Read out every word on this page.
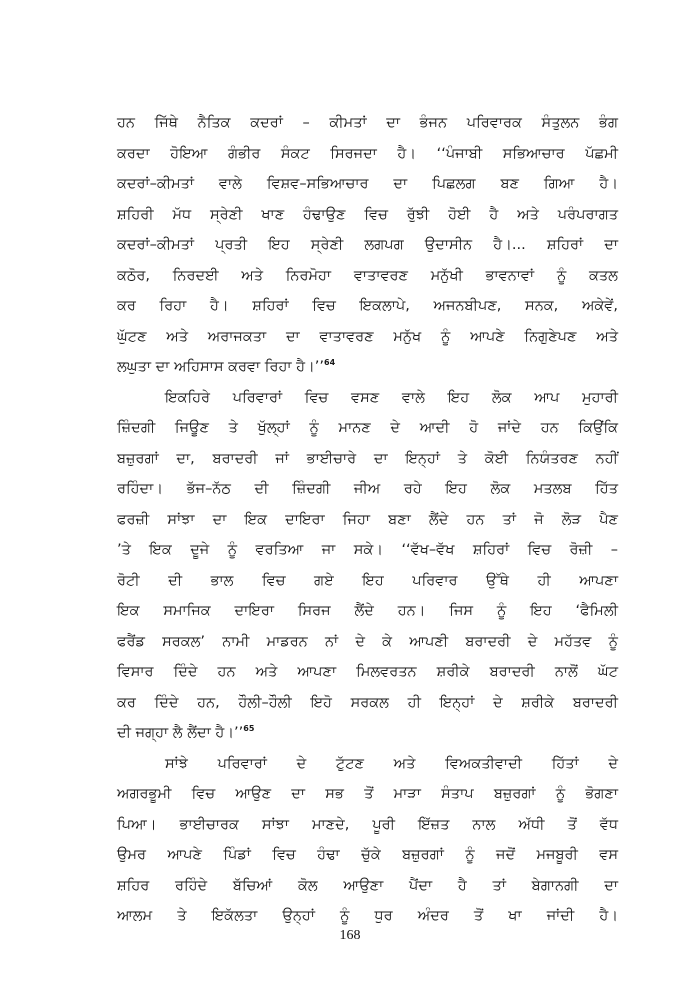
ਹਨ ਜਿੱਥੇ ਨੈਤਿਕ ਕਦਰਾਂ – ਕੀਮਤਾਂ ਦਾ ਭੰਜਨ ਪਰਿਵਾਰਕ ਸੰਤੁਲਨ ਭੰਗ
ਕਰਦਾ ਹੋਇਆ ਗੰਭੀਰ ਸੰਕਟ ਸਿਰਜਦਾ ਹੈ। ‘‘ਪੰਜਾਬੀ ਸਭਿਆਚਾਰ ਪੱਛਮੀ
ਕਦਰਾਂ–ਕੀਮਤਾਂ ਵਾਲੇ ਵਿਸ਼ਵ–ਸਭਿਆਚਾਰ ਦਾ ਪਿਛਲਗ ਬਣ ਗਿਆ ਹੈ।
ਸ਼ਹਿਰੀ ਮੱਧ ਸ੍ਰੇਣੀ ਖਾਣ ਹੰਢਾਉਣ ਵਿਚ ਰੁੱਝੀ ਹੋਈ ਹੈ ਅਤੇ ਪਰੰਪਰਾਗਤ
ਕਦਰਾਂ–ਕੀਮਤਾਂ ਪ੍ਰਤੀ ਇਹ ਸ੍ਰੇਣੀ ਲਗਪਗ ਉਦਾਸੀਨ ਹੈ।... ਸ਼ਹਿਰਾਂ ਦਾ
ਕਠੋਰ, ਨਿਰਦਈ ਅਤੇ ਨਿਰਮੋਹਾ ਵਾਤਾਵਰਣ ਮਨੁੱਖੀ ਭਾਵਨਾਵਾਂ ਨੂੰ ਕਤਲ
ਕਰ ਰਿਹਾ ਹੈ। ਸ਼ਹਿਰਾਂ ਵਿਚ ਇਕਲਾਪੇ, ਅਜਨਬੀਪਣ, ਸਨਕ, ਅਕੇਵੇਂ,
ਘੁੱਟਣ ਅਤੇ ਅਰਾਜਕਤਾ ਦਾ ਵਾਤਾਵਰਣ ਮਨੁੱਖ ਨੂੰ ਆਪਣੇ ਨਿਗੁਣੇਪਣ ਅਤੇ
ਲਘੁਤਾ ਦਾ ਅਹਿਸਾਸ ਕਰਵਾ ਰਿਹਾ ਹੈ।’’$^{64}$
ਇਕਹਿਰੇ ਪਰਿਵਾਰਾਂ ਵਿਚ ਵਸਣ ਵਾਲੇ ਇਹ ਲੋਕ ਆਪ ਮੁਹਾਰੀ
ਜ਼ਿੰਦਗੀ ਜਿਊਣ ਤੇ ਖੁੱਲ੍ਹਾਂ ਨੂੰ ਮਾਨਣ ਦੇ ਆਦੀ ਹੋ ਜਾਂਦੇ ਹਨ ਕਿਉਂਕਿ
ਬਜ਼ੁਰਗਾਂ ਦਾ, ਬਰਾਦਰੀ ਜਾਂ ਭਾਈਚਾਰੇ ਦਾ ਇਨ੍ਹਾਂ ਤੇ ਕੋਈ ਨਿਯੰਤਰਣ ਨਹੀਂ
ਰਹਿੰਦਾ। ਭੱਜ–ਨੱਠ ਦੀ ਜ਼ਿੰਦਗੀ ਜੀਅ ਰਹੇ ਇਹ ਲੋਕ ਮਤਲਬ ਹਿੱਤ
ਫਰਜ਼ੀ ਸਾਂਝਾ ਦਾ ਇਕ ਦਾਇਰਾ ਜਿਹਾ ਬਣਾ ਲੈਂਦੇ ਹਨ ਤਾਂ ਜੋ ਲੋੜ ਪੈਣ
’ਤੇ ਇਕ ਦੂਜੇ ਨੂੰ ਵਰਤਿਆ ਜਾ ਸਕੇ। ‘‘ਵੱਖ–ਵੱਖ ਸ਼ਹਿਰਾਂ ਵਿਚ ਰੋਜ਼ੀ –
ਰੋਟੀ ਦੀ ਭਾਲ ਵਿਚ ਗਏ ਇਹ ਪਰਿਵਾਰ ਉੱਥੇ ਹੀ ਆਪਣਾ
ਇਕ ਸਮਾਜਿਕ ਦਾਇਰਾ ਸਿਰਜ ਲੈਂਦੇ ਹਨ। ਜਿਸ ਨੂੰ ਇਹ ‘ਫੈਮਿਲੀ
ਫਰੈਂਡ ਸਰਕਲ’ ਨਾਮੀ ਮਾਡਰਨ ਨਾਂ ਦੇ ਕੇ ਆਪਣੀ ਬਰਾਦਰੀ ਦੇ ਮਹੱਤਵ ਨੂੰ
ਵਿਸਾਰ ਦਿੰਦੇ ਹਨ ਅਤੇ ਆਪਣਾ ਮਿਲਵਰਤਨ ਸ਼ਰੀਕੇ ਬਰਾਦਰੀ ਨਾਲੋਂ ਘੱਟ
ਕਰ ਦਿੰਦੇ ਹਨ, ਹੌਲੀ–ਹੌਲੀ ਇਹੋ ਸਰਕਲ ਹੀ ਇਨ੍ਹਾਂ ਦੇ ਸ਼ਰੀਕੇ ਬਰਾਦਰੀ
ਦੀ ਜਗ੍ਹਾ ਲੈ ਲੈਂਦਾ ਹੈ।’’$^{65}$
ਸਾਂਝੇ ਪਰਿਵਾਰਾਂ ਦੇ ਟੁੱਟਣ ਅਤੇ ਵਿਅਕਤੀਵਾਦੀ ਹਿੱਤਾਂ ਦੇ
ਅਗਰਭੂਮੀ ਵਿਚ ਆਉਣ ਦਾ ਸਭ ਤੋਂ ਮਾੜਾ ਸੰਤਾਪ ਬਜ਼ੁਰਗਾਂ ਨੂੰ ਭੋਗਣਾ
ਪਿਆ। ਭਾਈਚਾਰਕ ਸਾਂਝਾ ਮਾਣਦੇ, ਪੂਰੀ ਇੱਜ਼ਤ ਨਾਲ ਅੱਧੀ ਤੋਂ ਵੱਧ
ਉਮਰ ਆਪਣੇ ਪਿੰਡਾਂ ਵਿਚ ਹੰਢਾ ਚੁੱਕੇ ਬਜ਼ੁਰਗਾਂ ਨੂੰ ਜਦੋਂ ਮਜਬੂਰੀ ਵਸ
ਸ਼ਹਿਰ ਰਹਿੰਦੇ ਬੱਚਿਆਂ ਕੋਲ ਆਉਣਾ ਪੈਂਦਾ ਹੈ ਤਾਂ ਬੇਗਾਨਗੀ ਦਾ
ਆਲਮ ਤੇ ਇਕੱਲਤਾ ਉਨ੍ਹਾਂ ਨੂੰ ਧੁਰ ਅੰਦਰ ਤੋਂ ਖਾ ਜਾਂਦੀ ਹੈ।
168
